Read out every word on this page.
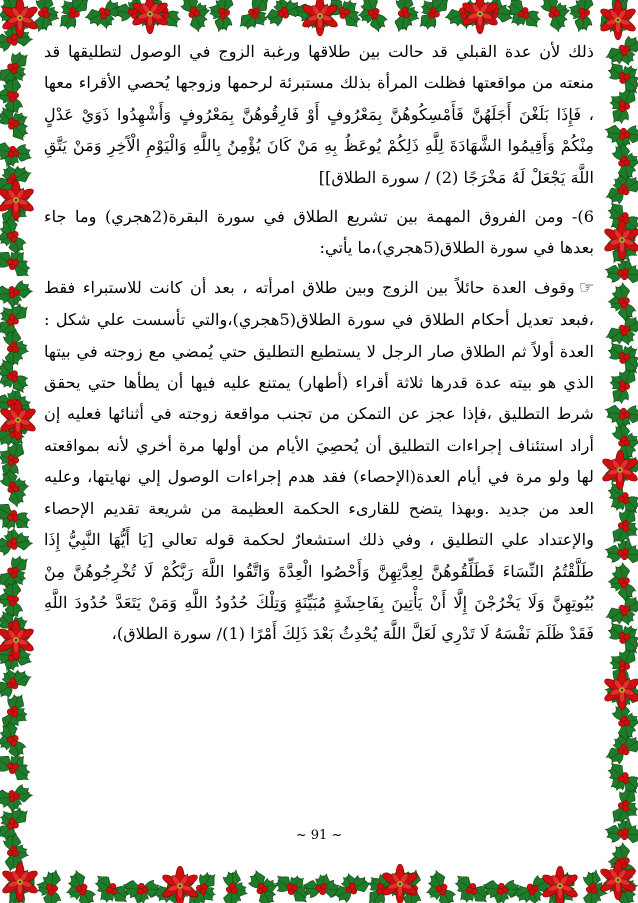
ذلك لأن عدة القبلي قد حالت بين طلاقها ورغبة الزوج في الوصول لتطليقها قد منعته من مواقعتها فظلت المرأة بذلك مستبرئة لرحمها وزوجها يُحصي الأقراء معها ، فَإِذَا بَلَغْنَ أَجَلَهُنَّ فَأَمْسِكُوهُنَّ بِمَعْرُوفٍ أَوْ فَارِقُوهُنَّ بِمَعْرُوفٍ وَأَشْهِدُوا ذَوَيْ عَدْلٍ مِنْكُمْ وَأَقِيمُوا الشَّهَادَةَ لِلَّهِ ذَلِكُمْ يُوعَظُ بِهِ مَنْ كَانَ يُؤْمِنُ بِاللَّهِ وَالْيَوْمِ الْآَخِرِ وَمَنْ يَتَّقِ اللَّهَ يَجْعَلْ لَهُ مَخْرَجًا (2) / سورة الطلاق]]

6)- ومن الفروق المهمة بين تشريع الطلاق في سورة البقرة(2هجري) وما جاء بعدها في سورة الطلاق(5هجري)،ما يأتي:

☜وقوف العدة حائلاً بين الزوج وبين طلاق امرأته ، بعد أن كانت للاستبراء فقط ،فبعد تعديل أحكام الطلاق في سورة الطلاق(5هجري)،والتي تأسست علي شكل : العدة أولاً ثم الطلاق صار الرجل لا يستطيع التطليق حتي يُمضي مع زوجته في بيتها الذي هو بيته عدة قدرها ثلاثة أقراء (أطهار) يمتنع عليه فيها أن يطأها حتي يحقق شرط التطليق ،فإذا عجز عن التمكن من تجنب مواقعة زوجته في أثنائها فعليه إن أراد استئناف إجراءات التطليق أن يُحصِيَ الأيام من أولها مرة أخري لأنه بمواقعته لها ولو مرة في أيام العدة(الإحصاء) فقد هدم إجراءات الوصول إلي نهايتها، وعليه العد من جديد .وبهذا يتضح للقارىء الحكمة العظيمة من شريعة تقديم الإحصاء والإعتداد علي التطليق ، وفي ذلك استشعارٌ لحكمة قوله تعالي [يَا أَيُّهَا النَّبِيُّ إِذَا طَلَّقْتُمُ النِّسَاءَ فَطَلِّقُوهُنَّ لِعِدَّتِهِنَّ وَأَحْصُوا الْعِدَّةَ وَاتَّقُوا اللَّهَ رَبَّكُمْ لَا تُخْرِجُوهُنَّ مِنْ بُيُوتِهِنَّ وَلَا يَخْرُجْنَ إِلَّا أَنْ يَأْتِينَ بِفَاحِشَةٍ مُبَيِّنَةٍ وَتِلْكَ حُدُودُ اللَّهِ وَمَنْ يَتَعَدَّ حُدُودَ اللَّهِ فَقَدْ ظَلَمَ نَفْسَهُ لَا تَدْرِي لَعَلَّ اللَّهَ يُحْدِثُ بَعْدَ ذَلِكَ أَمْرًا (1)/ سورة الطلاق)،

~ 91 ~
